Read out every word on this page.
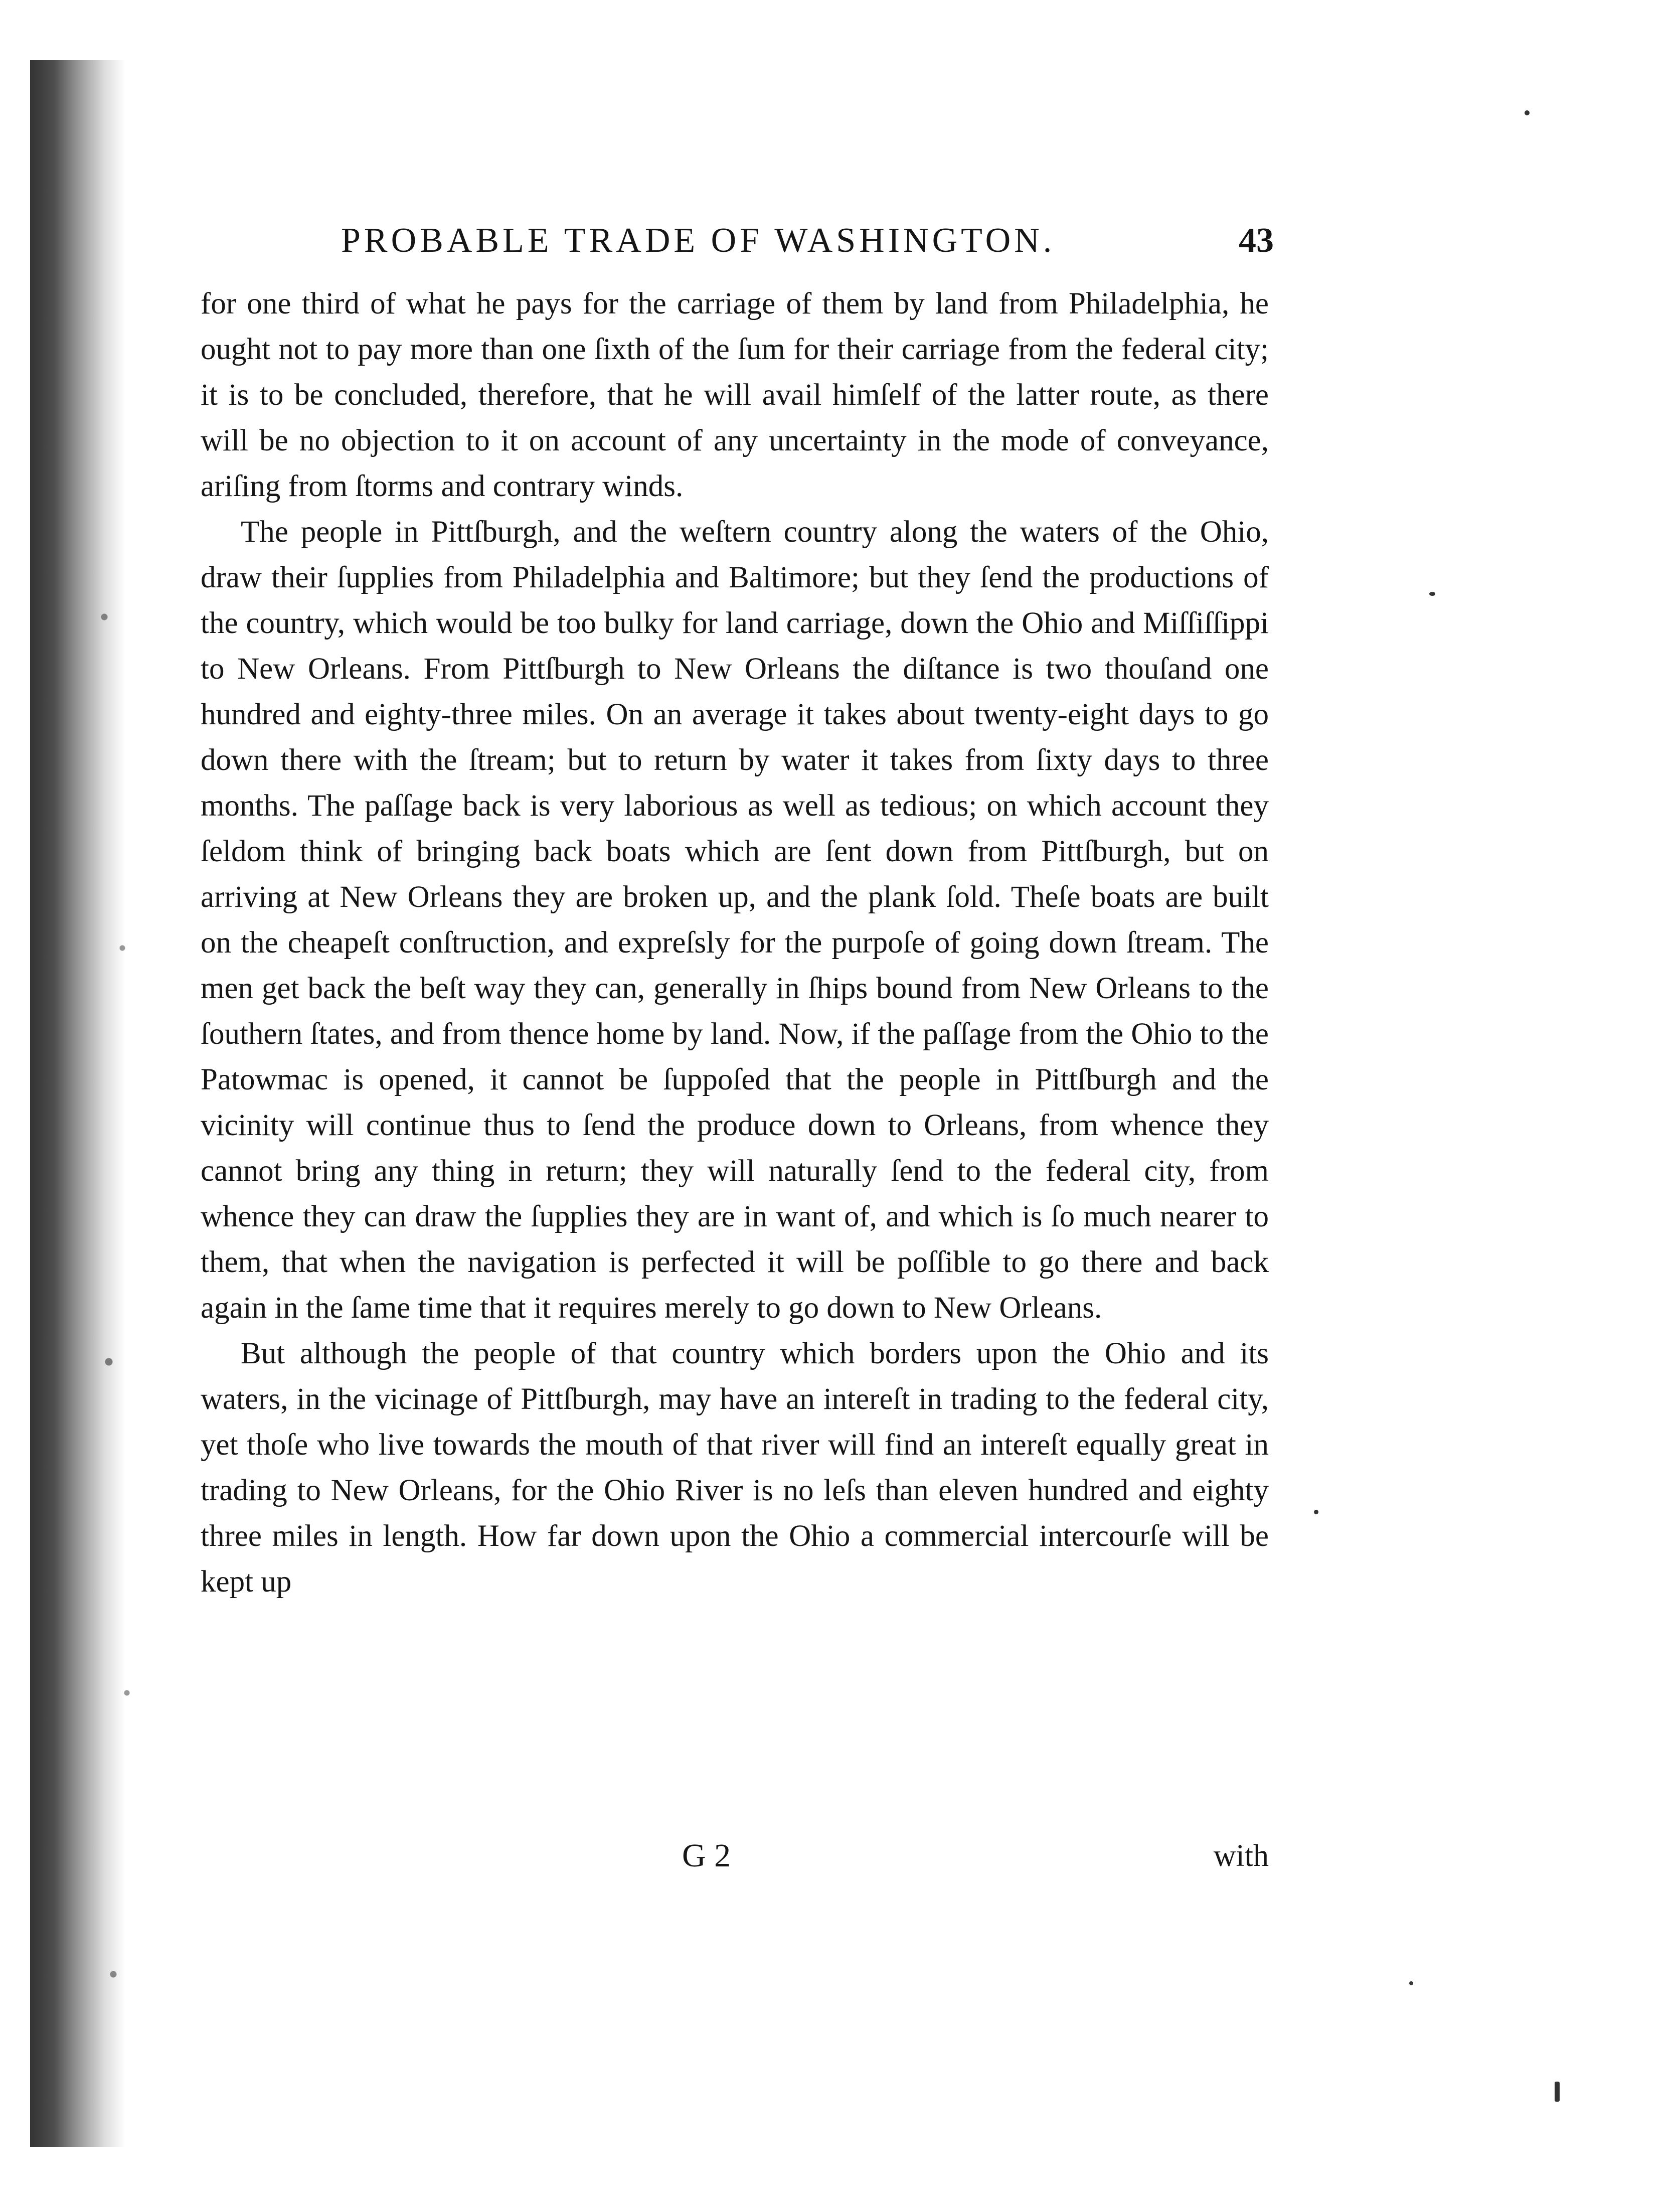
PROBABLE TRADE OF WASHINGTON.	43

for one third of what he pays for the carriage of them by land from Philadelphia, he ought not to pay more than one ſixth of the ſum for their carriage from the federal city; it is to be concluded, therefore, that he will avail himſelf of the latter route, as there will be no objection to it on account of any uncertainty in the mode of conveyance, ariſing from ſtorms and contrary winds.

The people in Pittſburgh, and the weſtern country along the waters of the Ohio, draw their ſupplies from Philadelphia and Baltimore; but they ſend the productions of the country, which would be too bulky for land carriage, down the Ohio and Miſſiſſippi to New Orleans. From Pittſburgh to New Orleans the diſtance is two thouſand one hundred and eighty-three miles. On an average it takes about twenty-eight days to go down there with the ſtream; but to return by water it takes from ſixty days to three months. The paſſage back is very laborious as well as tedious; on which account they ſeldom think of bringing back boats which are ſent down from Pittſburgh, but on arriving at New Orleans they are broken up, and the plank ſold. Theſe boats are built on the cheapeſt conſtruction, and expreſsly for the purpoſe of going down ſtream. The men get back the beſt way they can, generally in ſhips bound from New Orleans to the ſouthern ſtates, and from thence home by land. Now, if the paſſage from the Ohio to the Patowmac is opened, it cannot be ſuppoſed that the people in Pittſburgh and the vicinity will continue thus to ſend the produce down to Orleans, from whence they cannot bring any thing in return; they will naturally ſend to the federal city, from whence they can draw the ſupplies they are in want of, and which is ſo much nearer to them, that when the navigation is perfected it will be poſſible to go there and back again in the ſame time that it requires merely to go down to New Orleans.

But although the people of that country which borders upon the Ohio and its waters, in the vicinage of Pittſburgh, may have an intereſt in trading to the federal city, yet thoſe who live towards the mouth of that river will find an intereſt equally great in trading to New Orleans, for the Ohio River is no leſs than eleven hundred and eighty three miles in length. How far down upon the Ohio a commercial intercourſe will be kept up

G 2	with
